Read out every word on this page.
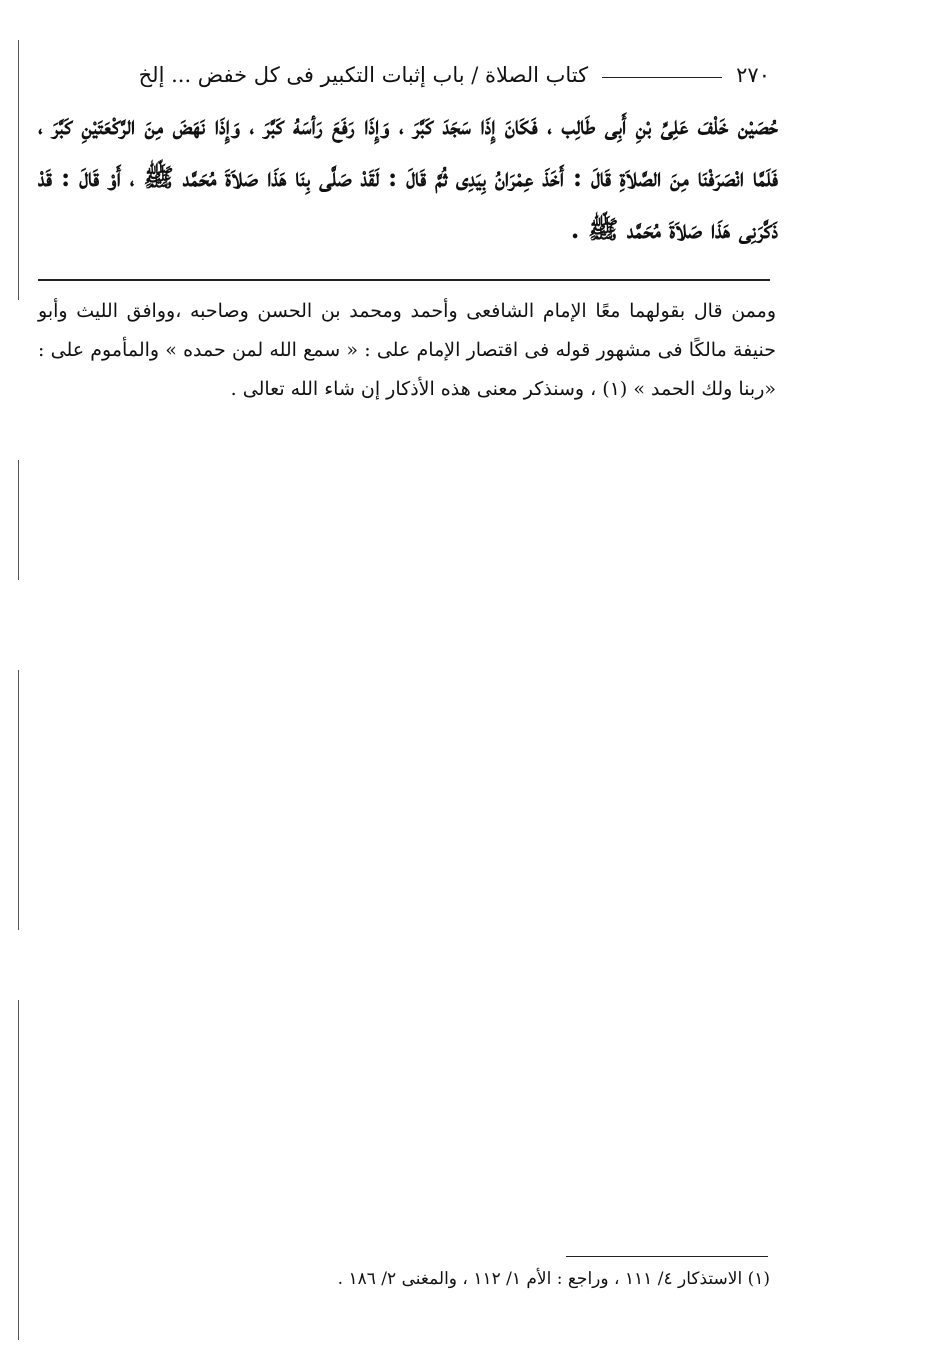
٢٧٠
كتاب الصلاة / باب إثبات التكبير فى كل خفض ... إلخ
حُصَيْن خَلْفَ عَلِىِّ بْنِ أَبِى طَالِب ، فَكَانَ إِذَا سَجَدَ كَبَّرَ ، وَإِذَا رَفَعَ رَأسَهُ كَبَّرَ ، وَإِذَا نَهَضَ مِنَ الرَّكْعَتَيْنِ كَبَّرَ ، فَلَمَّا انْصَرَفْنَا مِنَ الصَّلاَةِ قَالَ : أَخَذَ عِمْرَانُ بِيَدِى ثُمَّ قَالَ : لَقَدْ صَلَّى بِنَا هَذَا صَلاَةَ مُحَمَّد ﷺ ، أَوْ قَالَ : قَدْ ذَكَّرَنِى هَذَا صَلاَةَ مُحَمَّد ﷺ .
وممن قال بقولهما معًا الإمام الشافعى وأحمد ومحمد بن الحسن وصاحبه ،ووافق الليث وأبو حنيفة مالكًا فى مشهور قوله فى اقتصار الإمام على : « سمع الله لمن حمده » والمأموم على : «ربنا ولك الحمد » (١) ، وسنذكر معنى هذه الأذكار إن شاء الله تعالى .
(١) الاستذكار ٤/ ١١١ ، وراجع : الأم ١/ ١١٢ ، والمغنى ٢/ ١٨٦ .
